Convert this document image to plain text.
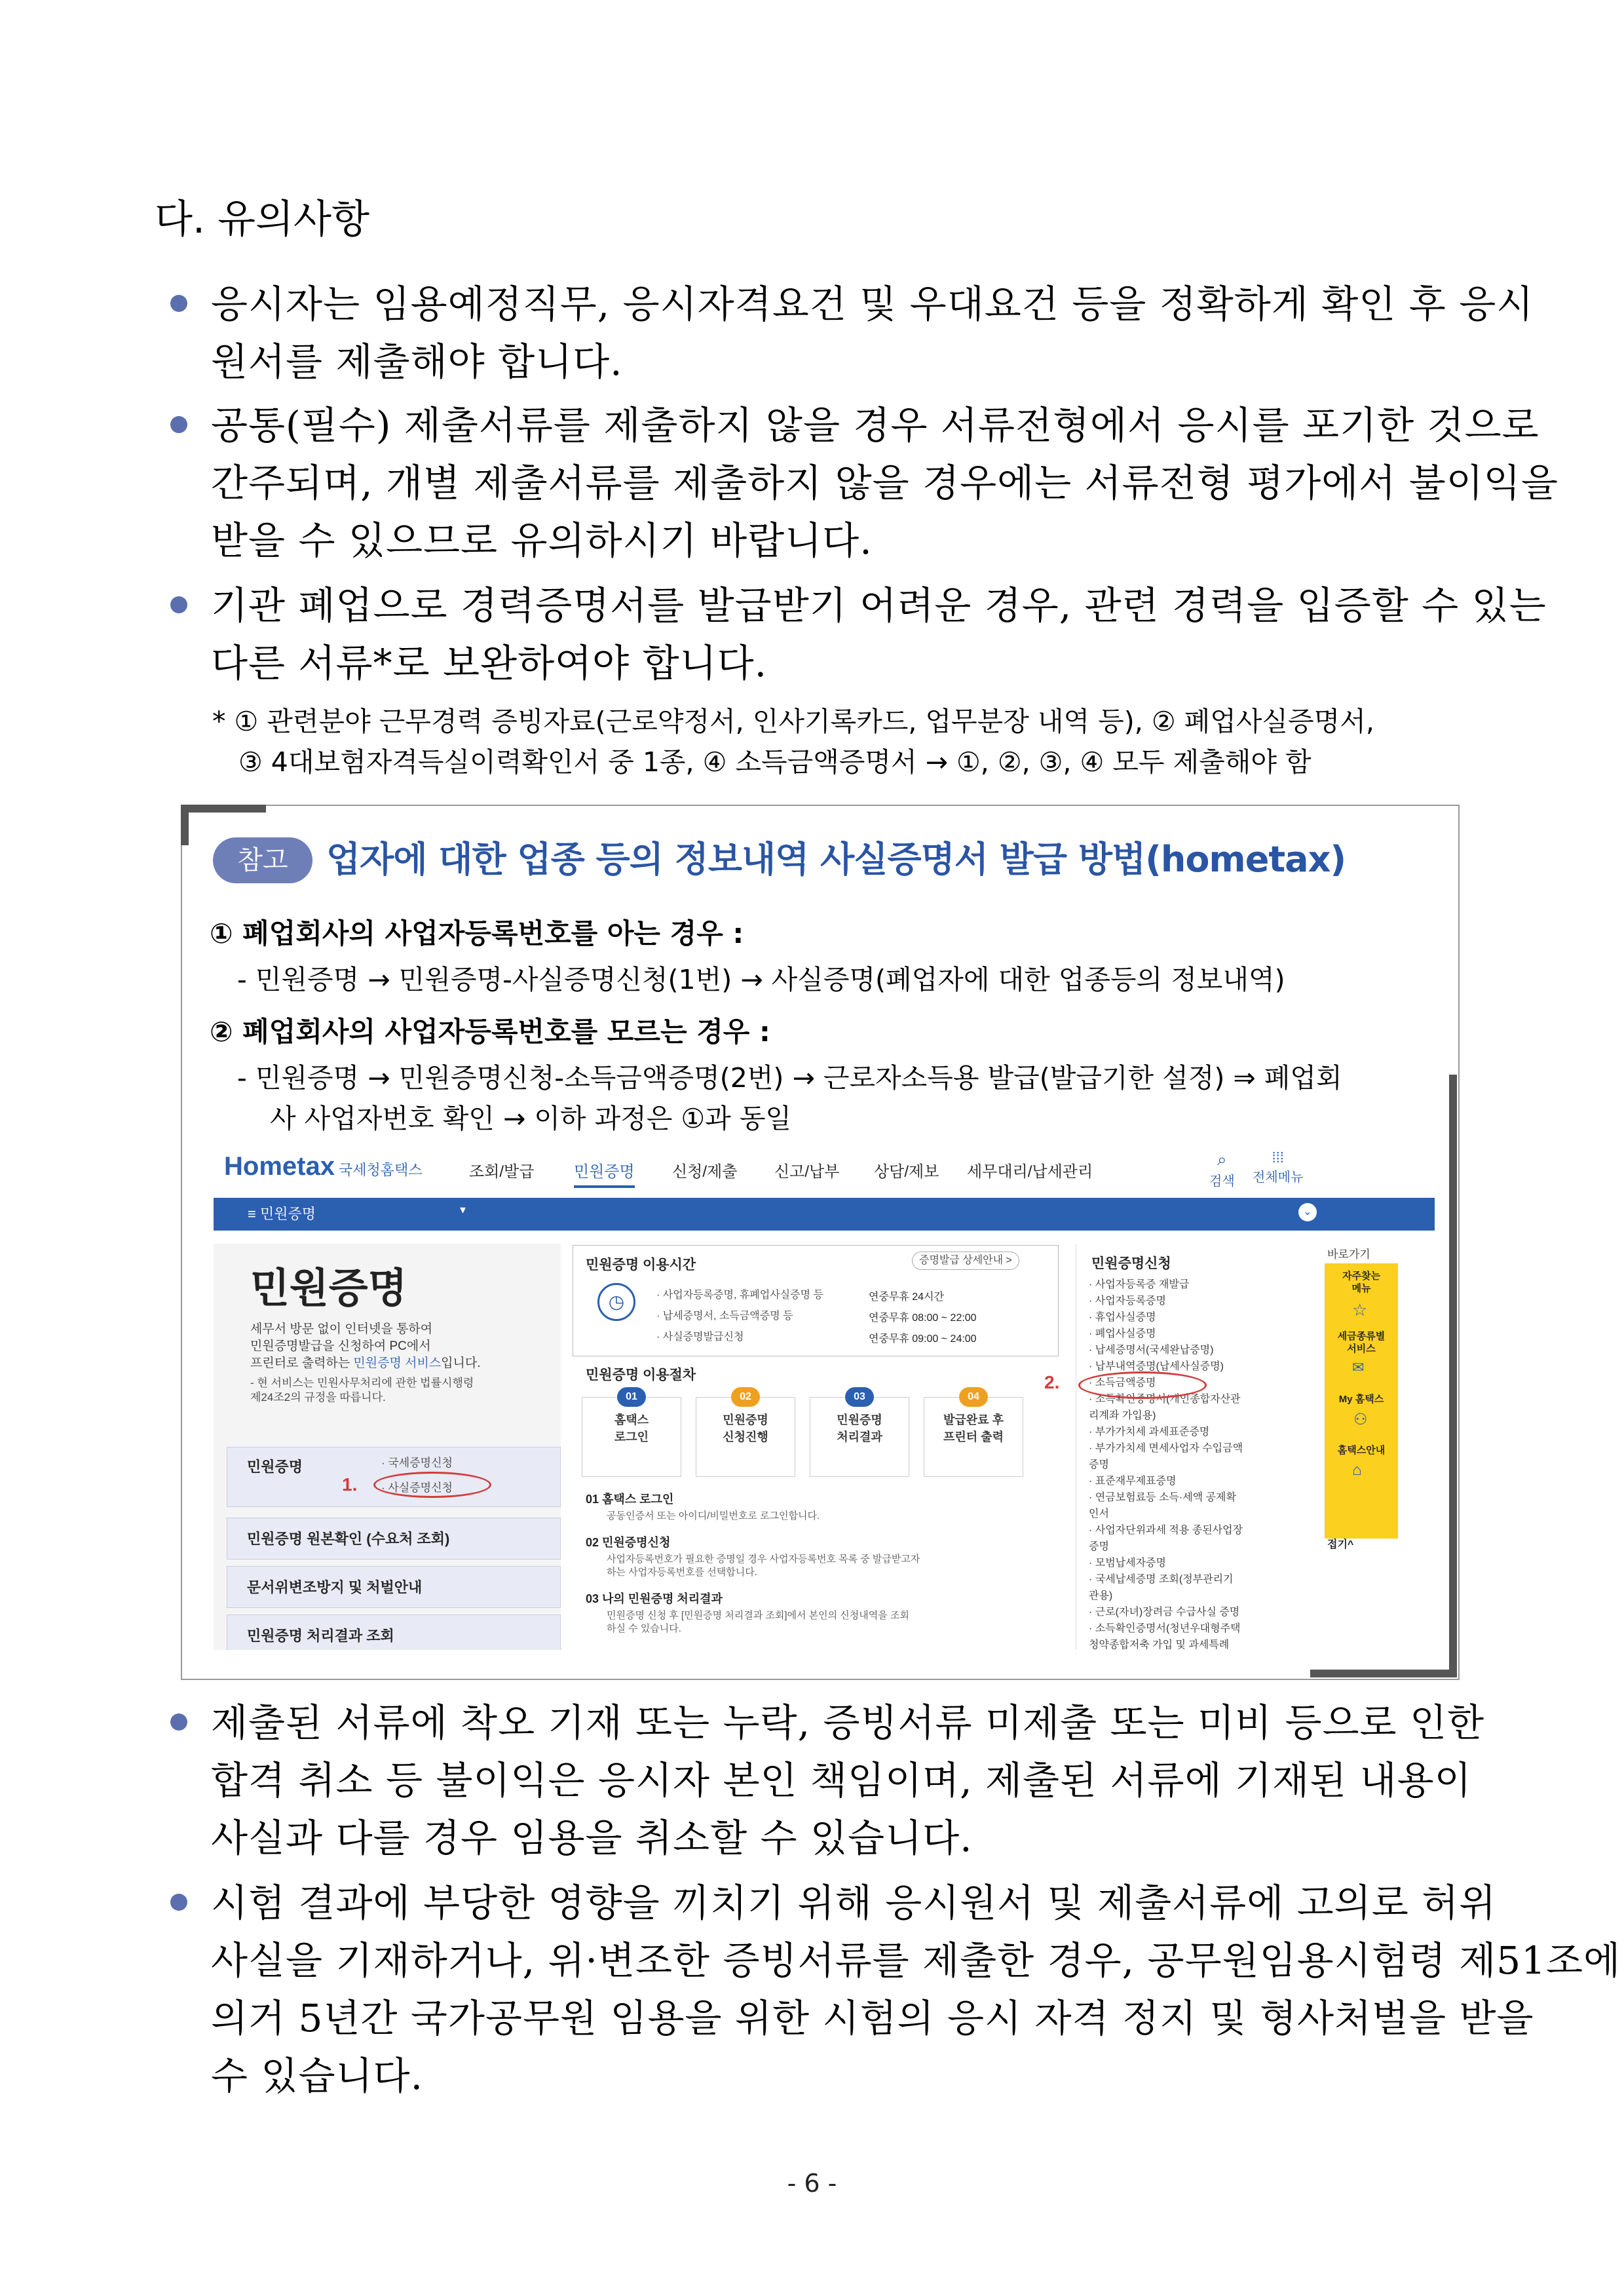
다. 유의사항
응시자는 임용예정직무, 응시자격요건 및 우대요건 등을 정확하게 확인 후 응시
원서를 제출해야 합니다.
공통(필수) 제출서류를 제출하지 않을 경우 서류전형에서 응시를 포기한 것으로
간주되며, 개별 제출서류를 제출하지 않을 경우에는 서류전형 평가에서 불이익을
받을 수 있으므로 유의하시기 바랍니다.
기관 폐업으로 경력증명서를 발급받기 어려운 경우, 관련 경력을 입증할 수 있는
다른 서류*로 보완하여야 합니다.
* ① 관련분야 근무경력 증빙자료(근로약정서, 인사기록카드, 업무분장 내역 등), ② 폐업사실증명서,
③ 4대보험자격득실이력확인서 중 1종, ④ 소득금액증명서 → ①, ②, ③, ④ 모두 제출해야 함
참고	업자에 대한 업종 등의 정보내역 사실증명서 발급 방법(hometax)
① 폐업회사의 사업자등록번호를 아는 경우 :
- 민원증명 → 민원증명-사실증명신청(1번) → 사실증명(폐업자에 대한 업종등의 정보내역)
② 폐업회사의 사업자등록번호를 모르는 경우 :
- 민원증명 → 민원증명신청-소득금액증명(2번) → 근로자소득용 발급(발급기한 설정) ⇒ 폐업회
사 사업자번호 확인 → 이하 과정은 ①과 동일
Hometax 국세청홈택스	조회/발급	민원증명 신청/제출 신고/납부 상담/제보 세무대리/납세관리
⌕
검색
⁞⁞⁞
전체메뉴
≡ 민원증명	▾	⌄
민원증명
세무서 방문 없이 인터넷을 통하여
민원증명발급을 신청하여 PC에서
프린터로 출력하는 민원증명 서비스입니다.
- 현 서비스는 민원사무처리에 관한 법률시행령
제24조2의 규정을 따릅니다.
민원증명	· 국세증명신청
· 사실증명신청
1.
민원증명 원본확인 (수요처 조회)
문서위변조방지 및 처벌안내
민원증명 처리결과 조회
민원증명 이용시간	증명발급 상세안내 >
◷	· 사업자등록증명, 휴폐업사실증명 등	연중무휴 24시간
· 납세증명서, 소득금액증명 등	연중무휴 08:00 ~ 22:00
· 사실증명발급신청	연중무휴 09:00 ~ 24:00
민원증명 이용절차
01
홈택스
로그인
02
민원증명
신청진행
03
민원증명
처리결과
04
발급완료 후
프린터 출력
01 홈택스 로그인
공동인증서 또는 아이디/비밀번호로 로그인합니다.
02 민원증명신청
사업자등록번호가 필요한 증명일 경우 사업자등록번호 목록 중 발급받고자
하는 사업자등록번호를 선택합니다.
03 나의 민원증명 처리결과
민원증명 신청 후 [민원증명 처리결과 조회]에서 본인의 신청내역을 조회
하실 수 있습니다.
민원증명신청
· 사업자등록증 재발급
· 사업자등록증명
· 휴업사실증명
· 폐업사실증명
· 납세증명서(국세완납증명)
· 납부내역증명(납세사실증명)
· 소득금액증명
· 소득확인증명서(개인종합자산관
리계좌 가입용)
· 부가가치세 과세표준증명
· 부가가치세 면세사업자 수입금액
증명
· 표준재무제표증명
· 연금보험료등 소득·세액 공제확
인서
· 사업자단위과세 적용 종된사업장
증명
· 모범납세자증명
· 국세납세증명 조회(정부관리기
관용)
· 근로(자녀)장려금 수급사실 증명
· 소득확인증명서(청년우대형주택
청약종합저축 가입 및 과세특례
2.
바로가기
자주찾는
메뉴
☆
세금종류별
서비스
✉
My 홈택스
⚇
홈택스안내
⌂
접기^
제출된 서류에 착오 기재 또는 누락, 증빙서류 미제출 또는 미비 등으로 인한
합격 취소 등 불이익은 응시자 본인 책임이며, 제출된 서류에 기재된 내용이
사실과 다를 경우 임용을 취소할 수 있습니다.
시험 결과에 부당한 영향을 끼치기 위해 응시원서 및 제출서류에 고의로 허위
사실을 기재하거나, 위·변조한 증빙서류를 제출한 경우, 공무원임용시험령 제51조에
의거 5년간 국가공무원 임용을 위한 시험의 응시 자격 정지 및 형사처벌을 받을
수 있습니다.
- 6 -
